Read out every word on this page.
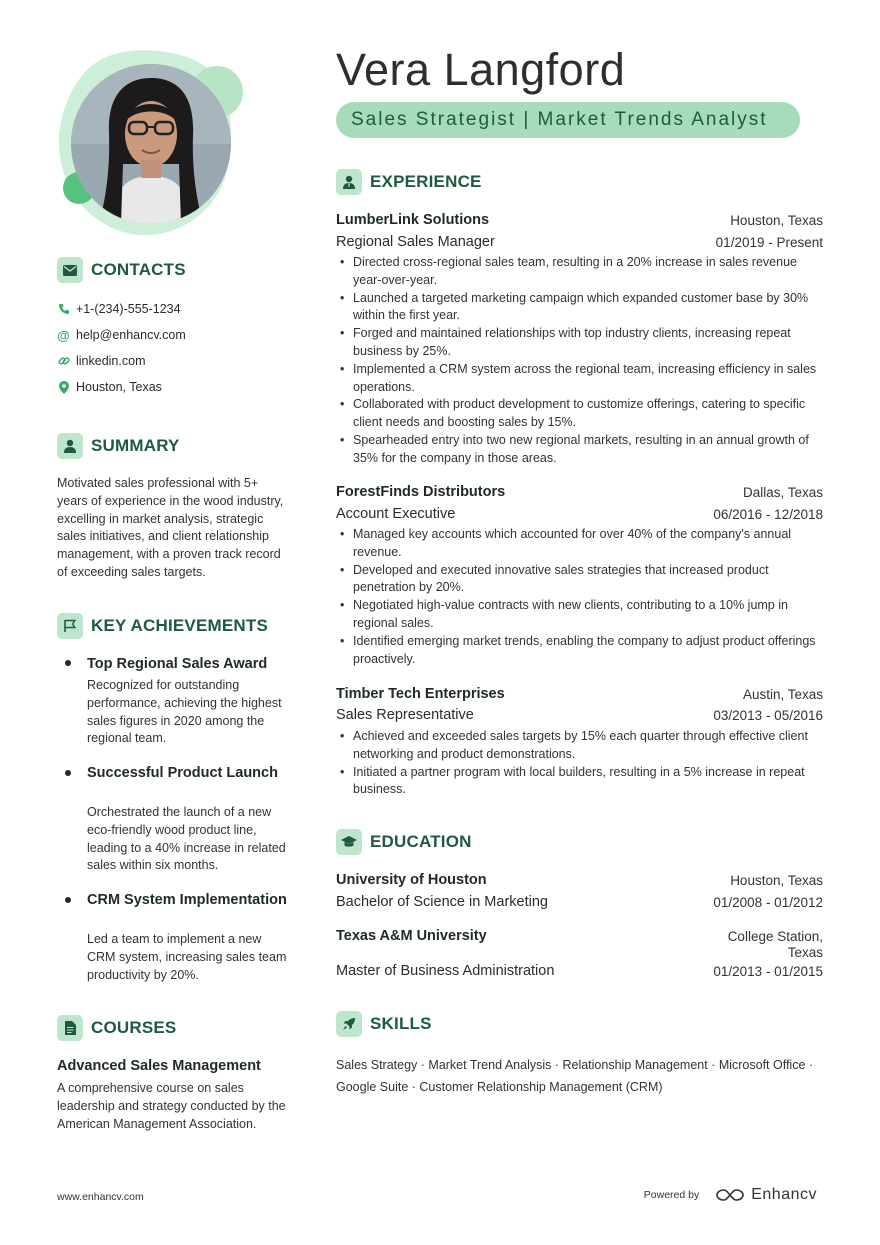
CONTACTS
+1-(234)-555-1234
@ help@enhancv.com
linkedin.com
Houston, Texas
SUMMARY
Motivated sales professional with 5+ years of experience in the wood industry, excelling in market analysis, strategic sales initiatives, and client relationship management, with a proven track record of exceeding sales targets.
KEY ACHIEVEMENTS
Top Regional Sales Award
Recognized for outstanding performance, achieving the highest sales figures in 2020 among the regional team.
Successful Product Launch
Orchestrated the launch of a new eco-friendly wood product line, leading to a 40% increase in related sales within six months.
CRM System Implementation
Led a team to implement a new CRM system, increasing sales team productivity by 20%.
COURSES
Advanced Sales Management
A comprehensive course on sales leadership and strategy conducted by the American Management Association.
Vera Langford
Sales Strategist | Market Trends Analyst
EXPERIENCE
LumberLink Solutions	Houston, Texas
Regional Sales Manager	01/2019 - Present
• Directed cross-regional sales team, resulting in a 20% increase in sales revenue year-over-year.
• Launched a targeted marketing campaign which expanded customer base by 30% within the first year.
• Forged and maintained relationships with top industry clients, increasing repeat business by 25%.
• Implemented a CRM system across the regional team, increasing efficiency in sales operations.
• Collaborated with product development to customize offerings, catering to specific client needs and boosting sales by 15%.
• Spearheaded entry into two new regional markets, resulting in an annual growth of 35% for the company in those areas.
ForestFinds Distributors	Dallas, Texas
Account Executive	06/2016 - 12/2018
• Managed key accounts which accounted for over 40% of the company's annual revenue.
• Developed and executed innovative sales strategies that increased product penetration by 20%.
• Negotiated high-value contracts with new clients, contributing to a 10% jump in regional sales.
• Identified emerging market trends, enabling the company to adjust product offerings proactively.
Timber Tech Enterprises	Austin, Texas
Sales Representative	03/2013 - 05/2016
• Achieved and exceeded sales targets by 15% each quarter through effective client networking and product demonstrations.
• Initiated a partner program with local builders, resulting in a 5% increase in repeat business.
EDUCATION
University of Houston	Houston, Texas
Bachelor of Science in Marketing	01/2008 - 01/2012
Texas A&M University	College Station, Texas
Master of Business Administration	01/2013 - 01/2015
SKILLS
Sales Strategy · Market Trend Analysis · Relationship Management · Microsoft Office · Google Suite · Customer Relationship Management (CRM)
www.enhancv.com	Powered by	Enhancv
